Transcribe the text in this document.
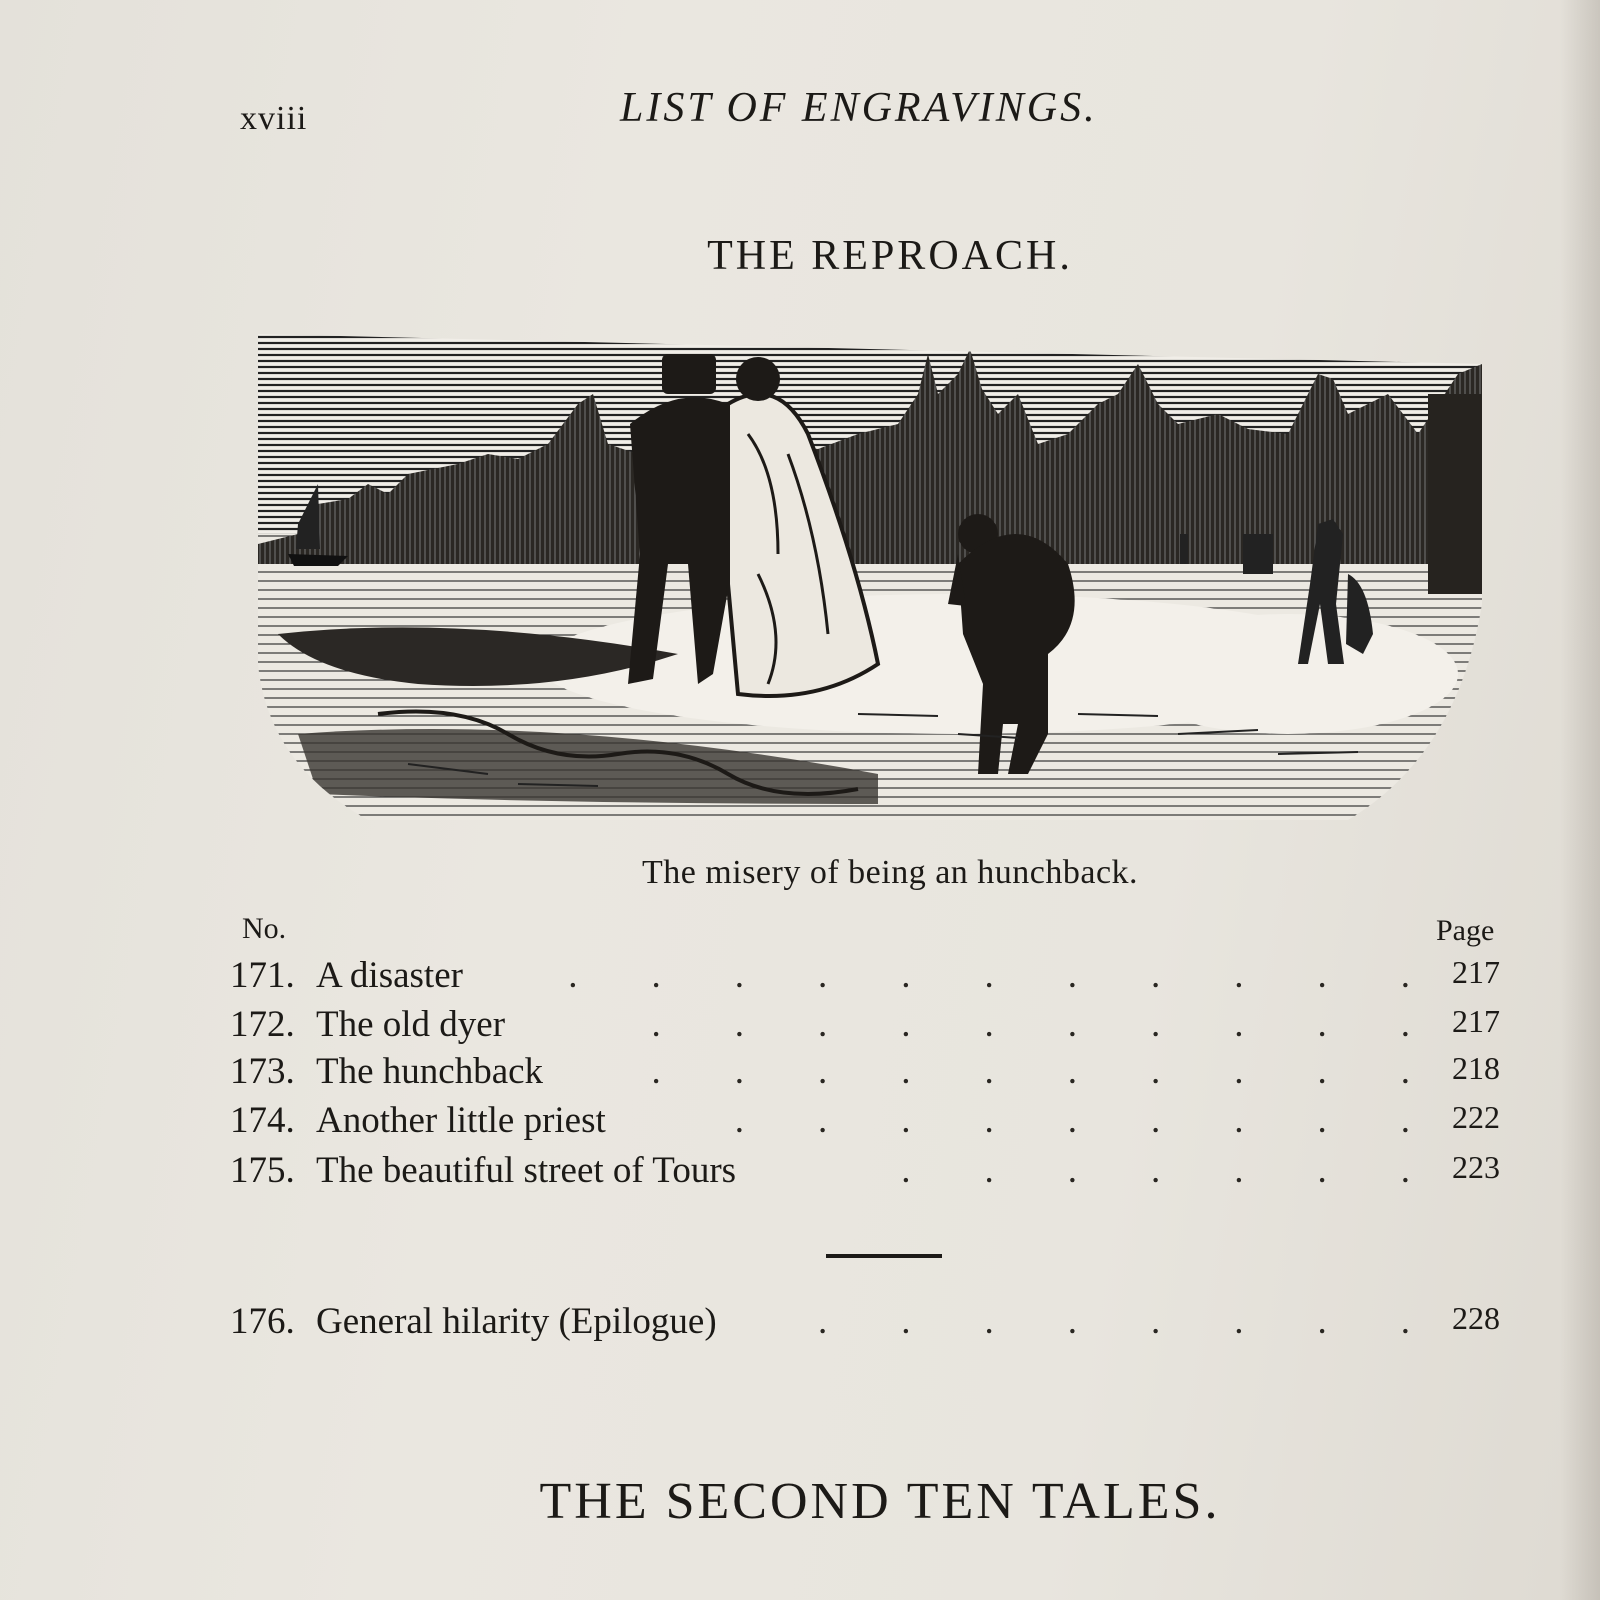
xviii	LIST OF ENGRAVINGS.
THE REPROACH.
The misery of being an hunchback.
No.	Page
171. A disaster	.        .        .        .        .        .        .        .        .        .        . 217
172. The old dyer	.        .        .        .        .        .        .        .        .        . 217
173. The hunchback	.        .        .        .        .        .        .        .        .        . 218
174. Another little priest	.        .        .        .        .        .        .        .        . 222
175. The beautiful street of Tours	.        .        .        .        .        .        . 223
176. General hilarity (Epilogue)	.        .        .        .        .        .        .        . 228
THE SECOND TEN TALES.
